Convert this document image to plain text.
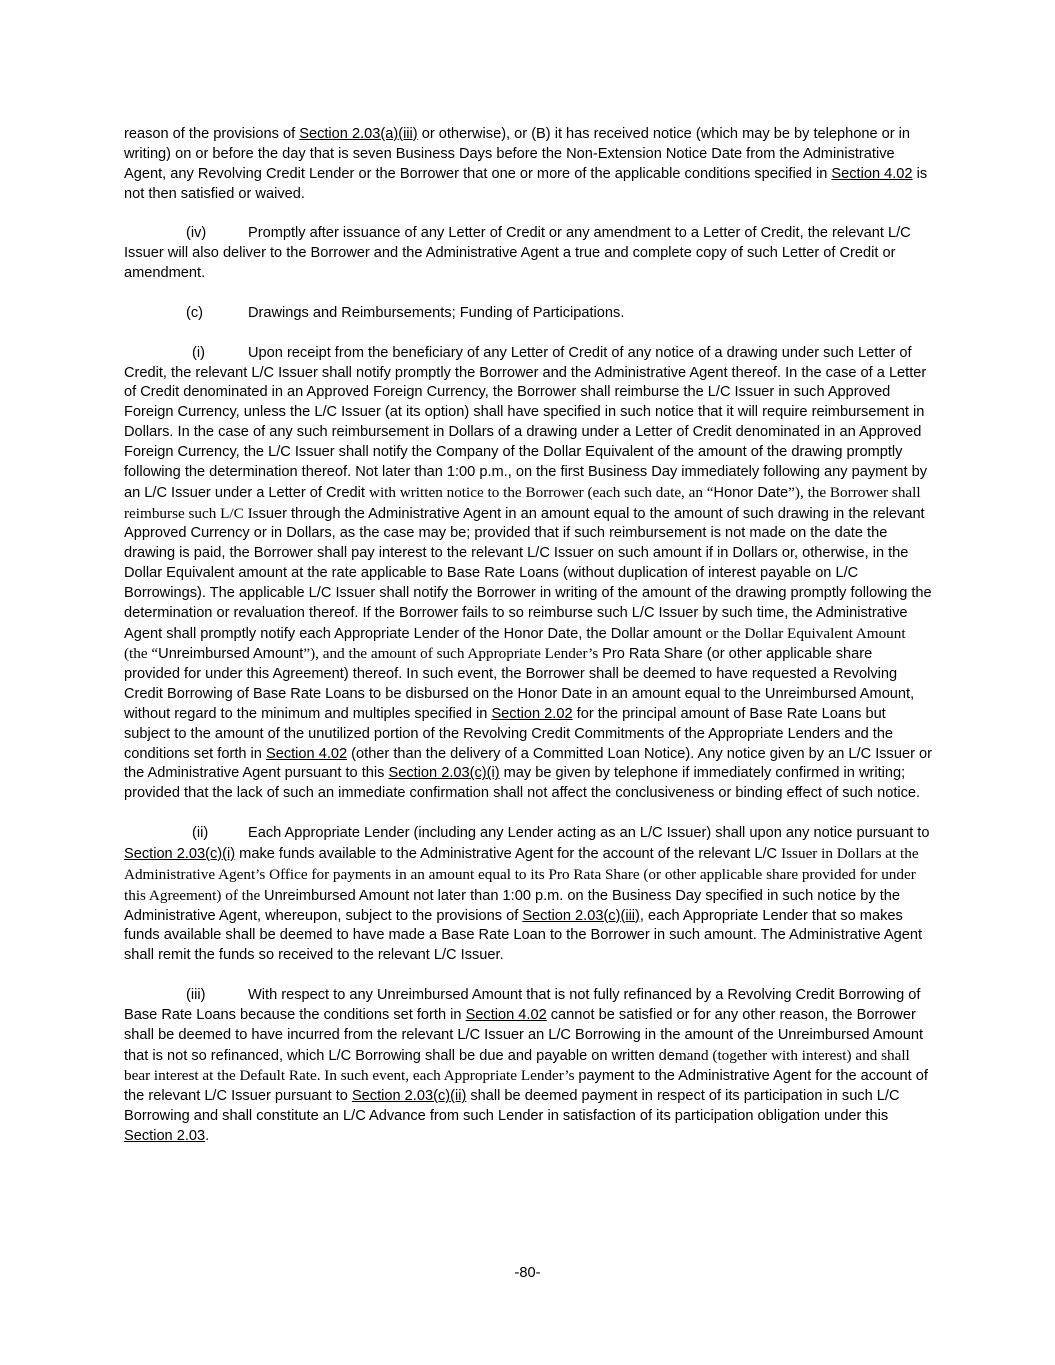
reason of the provisions of Section 2.03(a)(iii) or otherwise), or (B) it has received notice (which may be by telephone or in writing) on or before the day that is seven Business Days before the Non-Extension Notice Date from the Administrative Agent, any Revolving Credit Lender or the Borrower that one or more of the applicable conditions specified in Section 4.02 is not then satisfied or waived.

(iv)	Promptly after issuance of any Letter of Credit or any amendment to a Letter of Credit, the relevant L/C Issuer will also deliver to the Borrower and the Administrative Agent a true and complete copy of such Letter of Credit or amendment.

(c)	Drawings and Reimbursements; Funding of Participations.

(i)	Upon receipt from the beneficiary of any Letter of Credit of any notice of a drawing under such Letter of Credit, the relevant L/C Issuer shall notify promptly the Borrower and the Administrative Agent thereof. In the case of a Letter of Credit denominated in an Approved Foreign Currency, the Borrower shall reimburse the L/C Issuer in such Approved Foreign Currency, unless the L/C Issuer (at its option) shall have specified in such notice that it will require reimbursement in Dollars. In the case of any such reimbursement in Dollars of a drawing under a Letter of Credit denominated in an Approved Foreign Currency, the L/C Issuer shall notify the Company of the Dollar Equivalent of the amount of the drawing promptly following the determination thereof. Not later than 1:00 p.m., on the first Business Day immediately following any payment by an L/C Issuer under a Letter of Credit with written notice to the Borrower (each such date, an “Honor Date”), the Borrower shall reimburse such L/C Issuer through the Administrative Agent in an amount equal to the amount of such drawing in the relevant Approved Currency or in Dollars, as the case may be; provided that if such reimbursement is not made on the date the drawing is paid, the Borrower shall pay interest to the relevant L/C Issuer on such amount if in Dollars or, otherwise, in the Dollar Equivalent amount at the rate applicable to Base Rate Loans (without duplication of interest payable on L/C Borrowings). The applicable L/C Issuer shall notify the Borrower in writing of the amount of the drawing promptly following the determination or revaluation thereof. If the Borrower fails to so reimburse such L/C Issuer by such time, the Administrative Agent shall promptly notify each Appropriate Lender of the Honor Date, the Dollar amount or the Dollar Equivalent Amount (the “Unreimbursed Amount”), and the amount of such Appropriate Lender’s Pro Rata Share (or other applicable share provided for under this Agreement) thereof. In such event, the Borrower shall be deemed to have requested a Revolving Credit Borrowing of Base Rate Loans to be disbursed on the Honor Date in an amount equal to the Unreimbursed Amount, without regard to the minimum and multiples specified in Section 2.02 for the principal amount of Base Rate Loans but subject to the amount of the unutilized portion of the Revolving Credit Commitments of the Appropriate Lenders and the conditions set forth in Section 4.02 (other than the delivery of a Committed Loan Notice). Any notice given by an L/C Issuer or the Administrative Agent pursuant to this Section 2.03(c)(i) may be given by telephone if immediately confirmed in writing; provided that the lack of such an immediate confirmation shall not affect the conclusiveness or binding effect of such notice.

(ii)	Each Appropriate Lender (including any Lender acting as an L/C Issuer) shall upon any notice pursuant to Section 2.03(c)(i) make funds available to the Administrative Agent for the account of the relevant L/C Issuer in Dollars at the Administrative Agent’s Office for payments in an amount equal to its Pro Rata Share (or other applicable share provided for under this Agreement) of the Unreimbursed Amount not later than 1:00 p.m. on the Business Day specified in such notice by the Administrative Agent, whereupon, subject to the provisions of Section 2.03(c)(iii), each Appropriate Lender that so makes funds available shall be deemed to have made a Base Rate Loan to the Borrower in such amount. The Administrative Agent shall remit the funds so received to the relevant L/C Issuer.

(iii)	With respect to any Unreimbursed Amount that is not fully refinanced by a Revolving Credit Borrowing of Base Rate Loans because the conditions set forth in Section 4.02 cannot be satisfied or for any other reason, the Borrower shall be deemed to have incurred from the relevant L/C Issuer an L/C Borrowing in the amount of the Unreimbursed Amount that is not so refinanced, which L/C Borrowing shall be due and payable on written demand (together with interest) and shall bear interest at the Default Rate. In such event, each Appropriate Lender’s payment to the Administrative Agent for the account of the relevant L/C Issuer pursuant to Section 2.03(c)(ii) shall be deemed payment in respect of its participation in such L/C Borrowing and shall constitute an L/C Advance from such Lender in satisfaction of its participation obligation under this Section 2.03.

-80-
